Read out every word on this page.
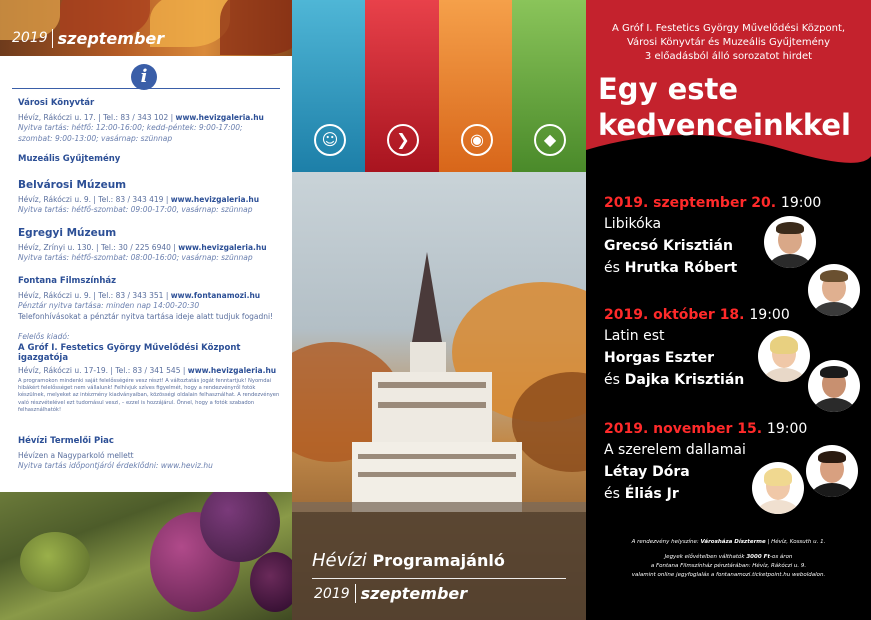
2019 szeptember
i
Városi Könyvtár
Hévíz, Rákóczi u. 17. | Tel.: 83 / 343 102 | www.hevizgaleria.hu
Nyitva tartás: hétfő: 12:00-16:00; kedd-péntek: 9:00-17:00;
szombat: 9:00-13:00; vasárnap: szünnap
Muzeális Gyűjtemény
Belvárosi Múzeum
Hévíz, Rákóczi u. 9. | Tel.: 83 / 343 419 | www.hevizgaleria.hu
Nyitva tartás: hétfő-szombat: 09:00-17:00, vasárnap: szünnap
Egregyi Múzeum
Hévíz, Zrínyi u. 130. | Tel.: 30 / 225 6940 | www.hevizgaleria.hu
Nyitva tartás: hétfő-szombat: 08:00-16:00; vasárnap: szünnap
Fontana Filmszínház
Hévíz, Rákóczi u. 9. | Tel.: 83 / 343 351 | www.fontanamozi.hu
Pénztár nyitva tartása: minden nap 14:00-20:30
Telefonhívásokat a pénztár nyitva tartása ideje alatt tudjuk fogadni!
Felelős kiadó:
A Gróf I. Festetics György Művelődési Központ igazgatója
Hévíz, Rákóczi u. 17-19. | Tel.: 83 / 341 545 | www.hevizgaleria.hu
A programokon mindenki saját felelősségére vesz részt! A változtatás jogát fenntartjuk! Nyomdai hibákért felelősséget nem vállalunk! Felhívjuk szíves figyelmét, hogy a rendezvényről fotók készülnek, melyeket az intézmény kiadványaiban, közösségi oldalain felhasználhat. A rendezvényen való részvételével ezt tudomásul veszi, – ezzel is hozzájárul. Önnel, hogy a fotók szabadon felhasználhatók!
Hévízi Termelői Piac
Hévízen a Nagyparkoló mellett
Nyitva tartás időpontjáról érdeklődni: www.heviz.hu
☺	❯	◉	◆
Hévízi Programajánló
2019 szeptember
A Gróf I. Festetics György Művelődési Központ,
Városi Könyvtár és Muzeális Gyűjtemény
3 előadásból álló sorozatot hirdet
Egy este
kedvenceinkkel
2019. szeptember 20. 19:00
Libikóka
Grecsó Krisztián
és Hrutka Róbert
2019. október 18. 19:00
Latin est
Horgas Eszter
és Dajka Krisztián
2019. november 15. 19:00
A szerelem dallamai
Létay Dóra
és Éliás Jr
A rendezvény helyszíne: Városháza Díszterme | Hévíz, Kossuth u. 1.
Jegyek elővételben válthatók 3000 Ft-os áron
a Fontana Filmszínház pénztárában: Hévíz, Rákóczi u. 9.
valamint online jegyfoglalás a fontanamozi.ticketpoint.hu weboldalon.
